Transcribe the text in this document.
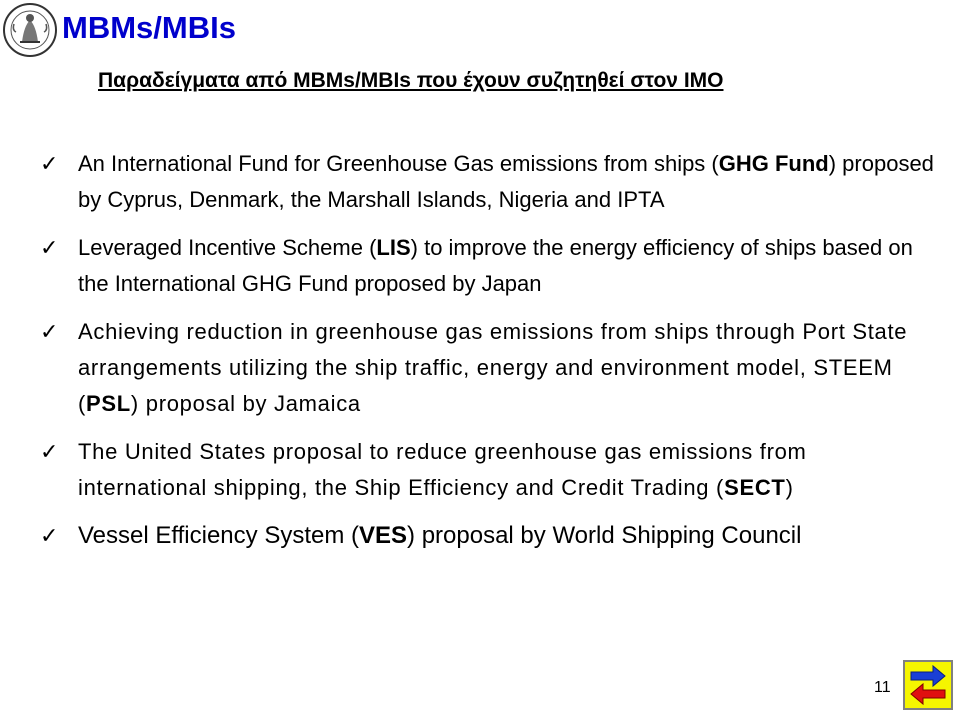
MBMs/MBIs

Παραδείγματα από MBMs/MBIs που έχουν συζητηθεί στον ΙΜΟ

✓ An International Fund for Greenhouse Gas emissions from ships (GHG Fund) proposed by Cyprus, Denmark, the Marshall Islands, Nigeria and IPTA
✓ Leveraged Incentive Scheme (LIS) to improve the energy efficiency of ships based on the International GHG Fund proposed by Japan
✓ Achieving reduction in greenhouse gas emissions from ships through Port State arrangements utilizing the ship traffic, energy and environment model, STEEM (PSL) proposal by Jamaica
✓ The United States proposal to reduce greenhouse gas emissions from international shipping, the Ship Efficiency and Credit Trading (SECT)
✓ Vessel Efficiency System (VES) proposal by World Shipping Council
11
